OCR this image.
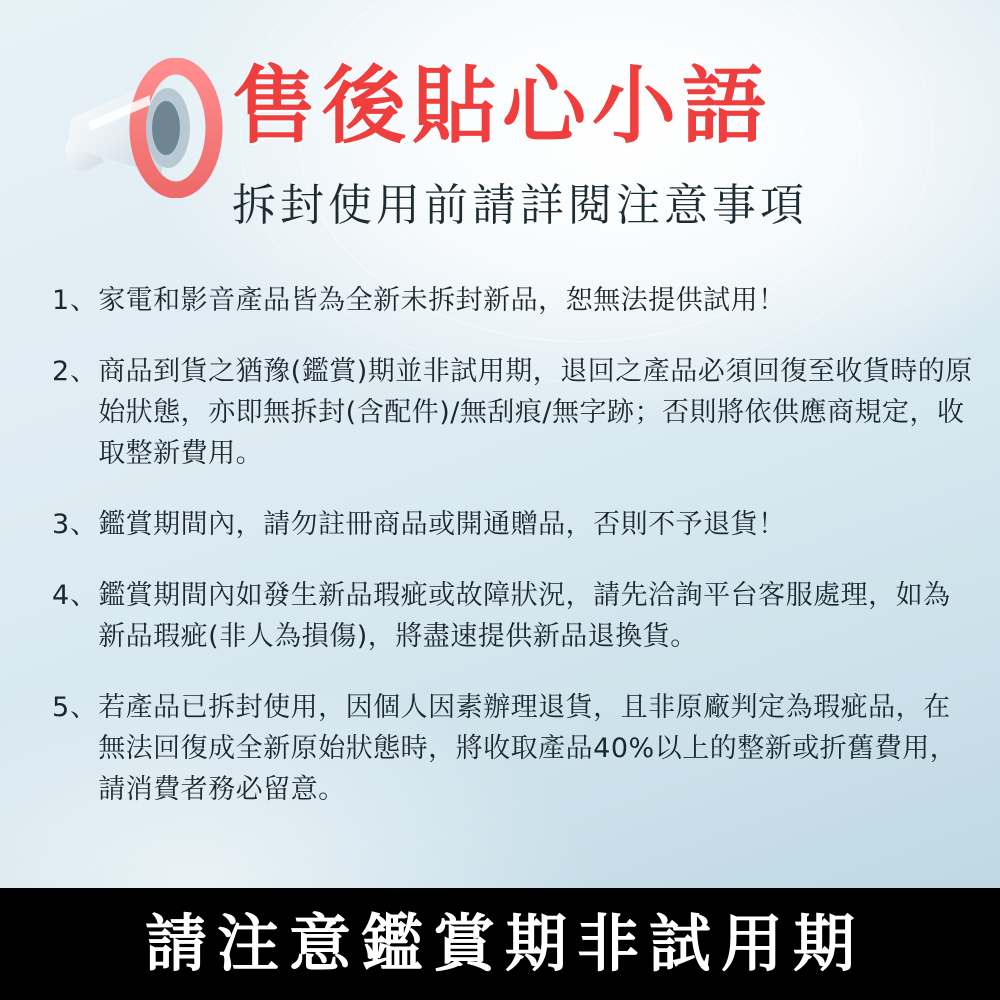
售後貼心小語
拆封使用前請詳閱注意事項
1、 家電和影音產品皆為全新未拆封新品，恕無法提供試用！
2、 商品到貨之猶豫(鑑賞)期並非試用期，退回之產品必須回復至收貨時的原始狀態，亦即無拆封(含配件)/無刮痕/無字跡；否則將依供應商規定，收取整新費用。
3、 鑑賞期間內，請勿註冊商品或開通贈品，否則不予退貨！
4、 鑑賞期間內如發生新品瑕疵或故障狀況，請先洽詢平台客服處理，如為新品瑕疵(非人為損傷)，將盡速提供新品退換貨。
5、 若產品已拆封使用，因個人因素辦理退貨，且非原廠判定為瑕疵品，在無法回復成全新原始狀態時，將收取產品40%以上的整新或折舊費用，請消費者務必留意。
請注意鑑賞期非試用期
